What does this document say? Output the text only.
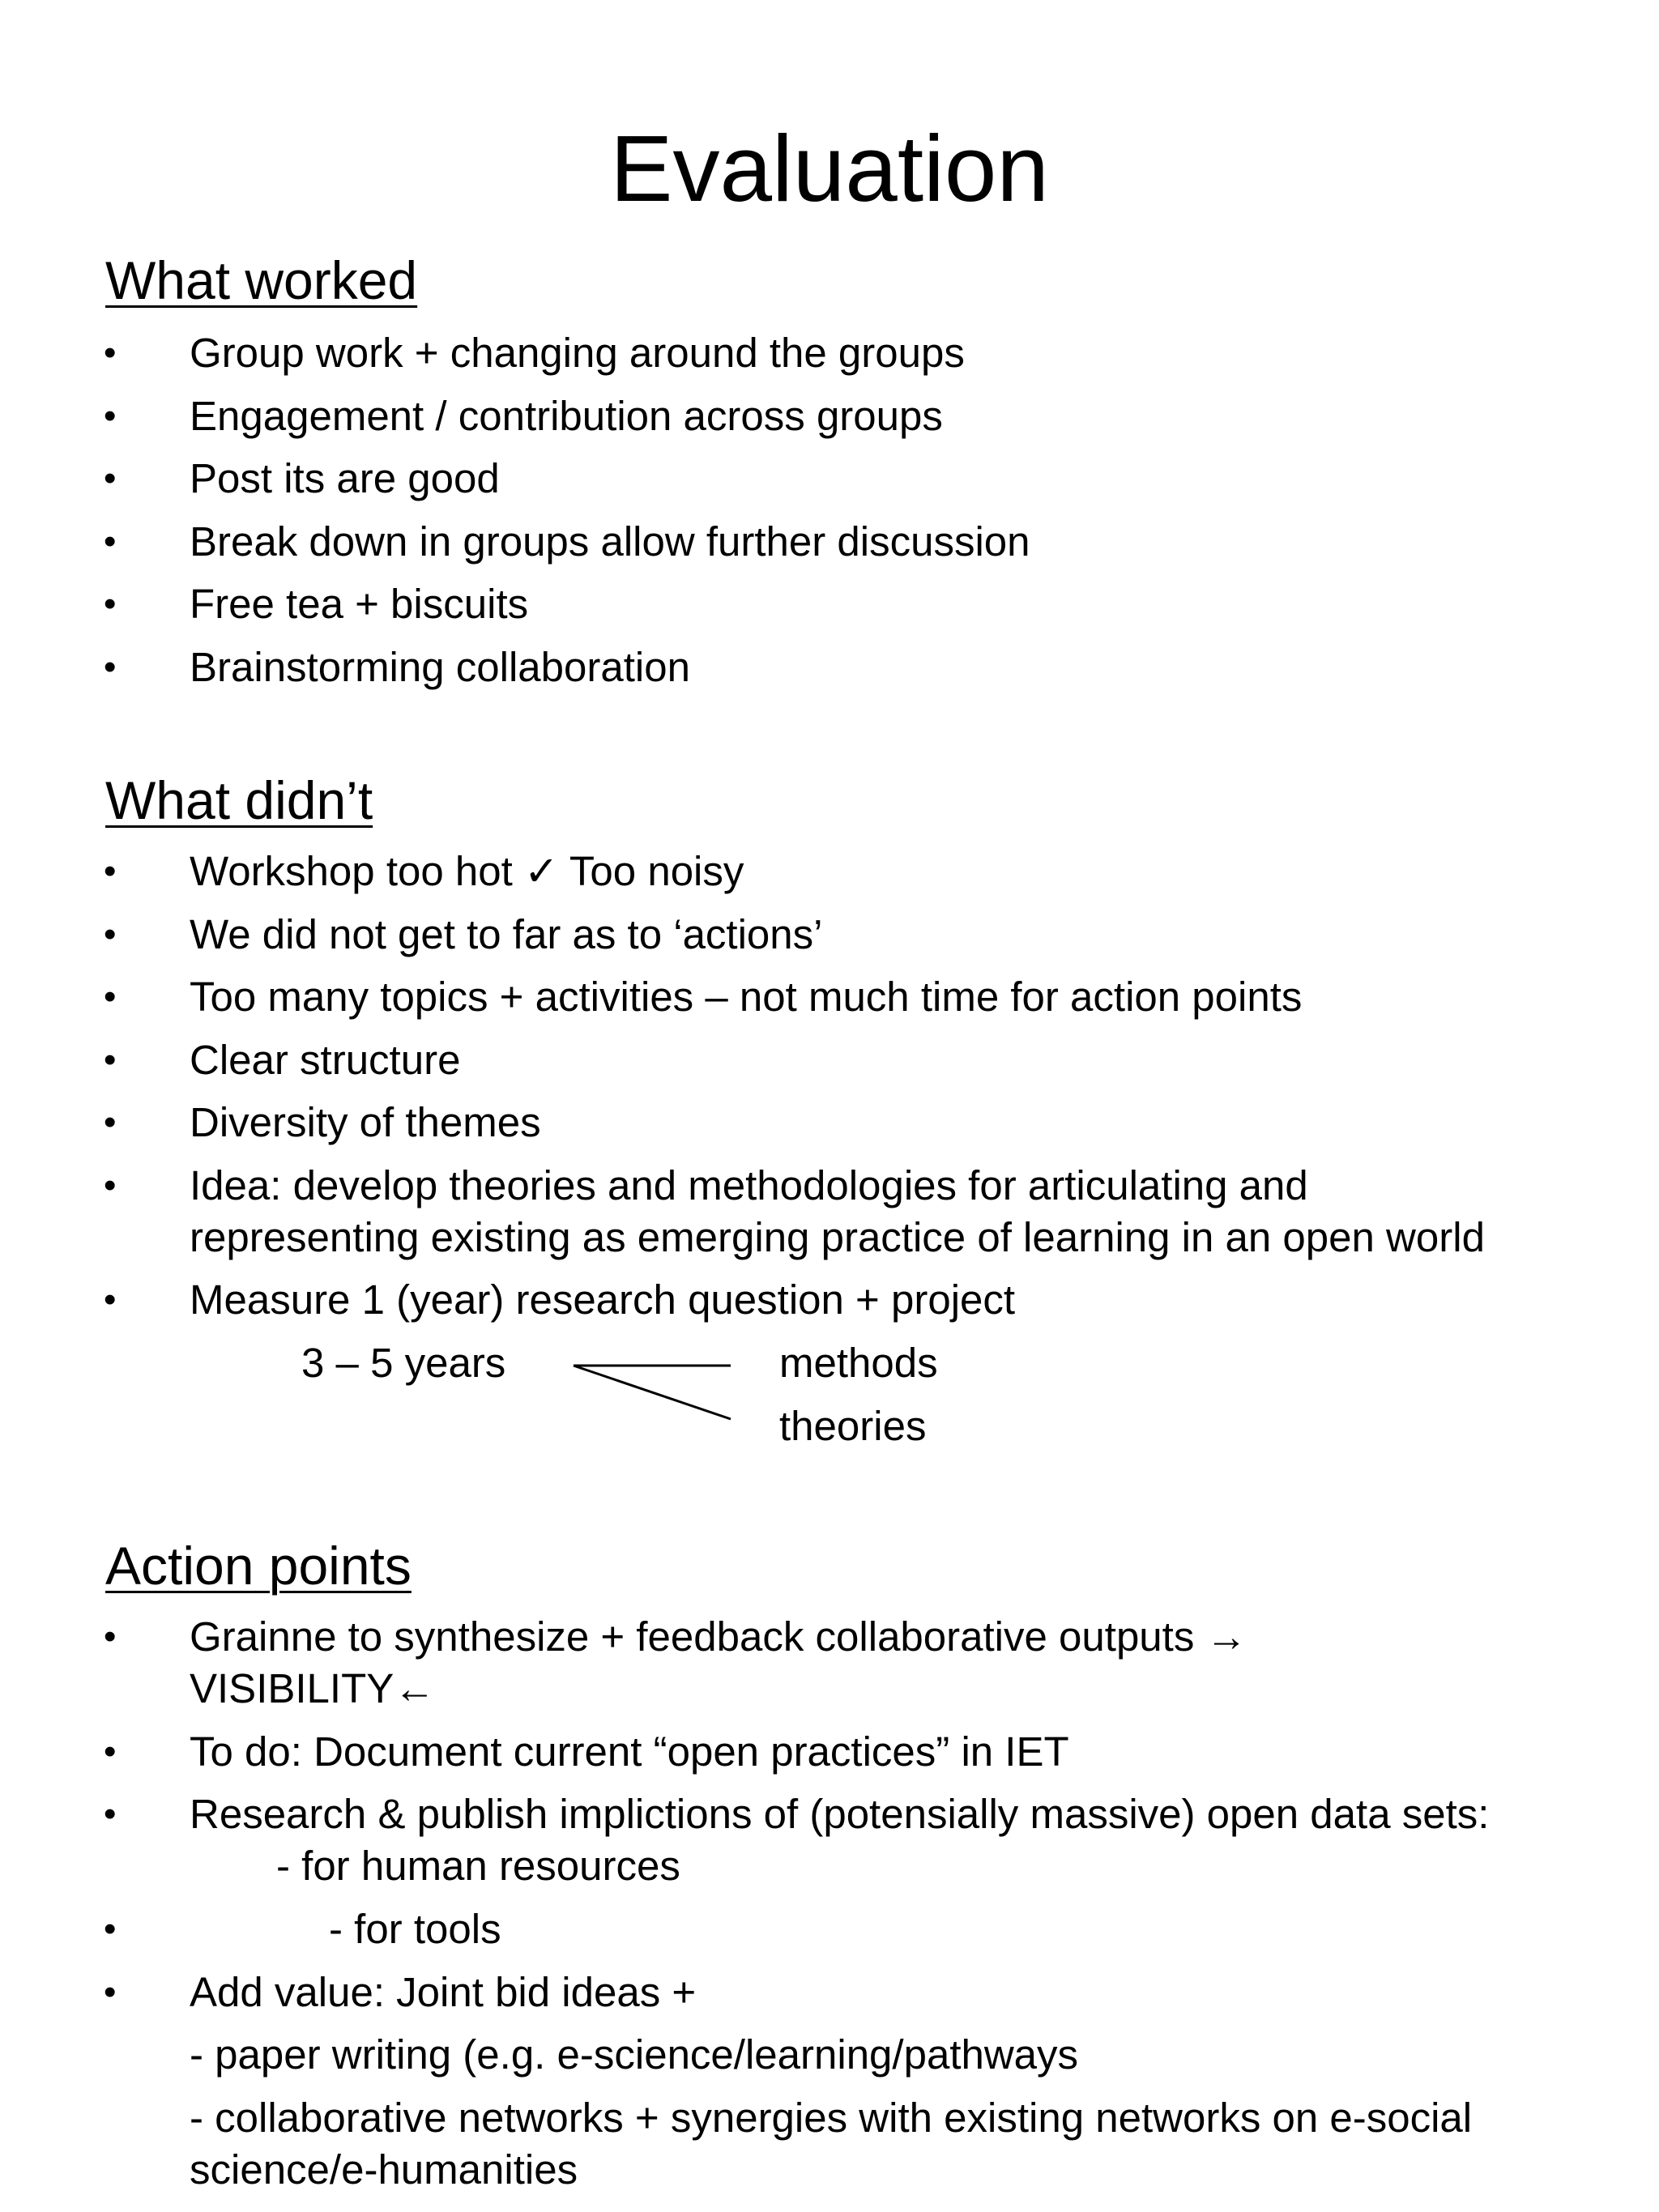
Evaluation
What worked
• Group work + changing around the groups
• Engagement / contribution across groups
• Post its are good
• Break down in groups allow further discussion
• Free tea + biscuits
• Brainstorming collaboration
What didn’t
• Workshop too hot ✓ Too noisy
• We did not get to far as to ‘actions’
• Too many topics + activities – not much time for action points
• Clear structure
• Diversity of themes
• Idea: develop theories and methodologies for articulating and
representing existing as emerging practice of learning in an open world
• Measure 1 (year) research question + project
3 – 5 years	methods
theories
Action points
• Grainne to synthesize + feedback collaborative outputs →
VISIBILITY←
• To do: Document current “open practices” in IET
• Research & publish implictions of (potensially massive) open data sets:
- for human resources
•	- for tools
• Add value: Joint bid ideas +
- paper writing (e.g. e-science/learning/pathways
- collaborative networks + synergies with existing networks on e-social
science/e-humanities
